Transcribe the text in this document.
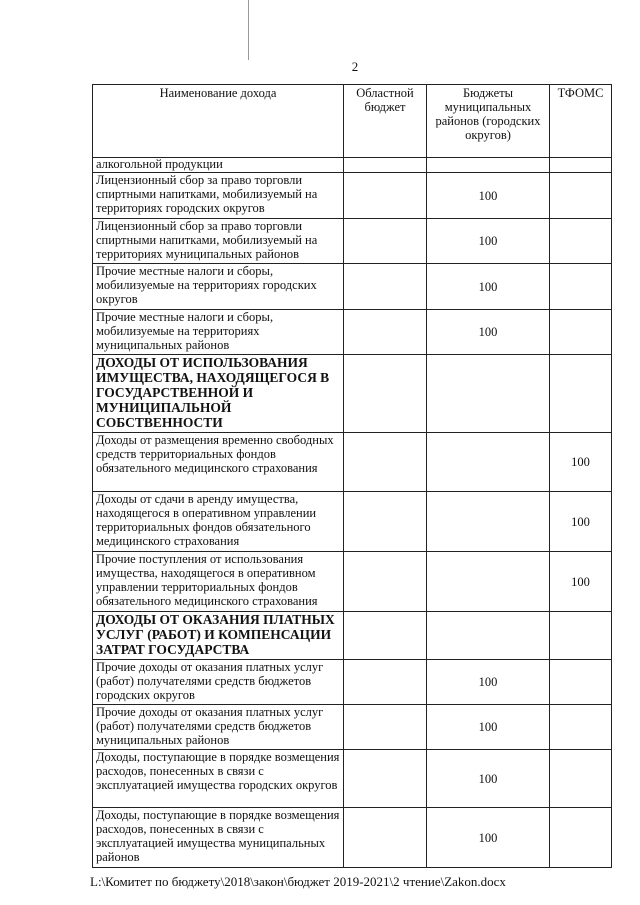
2
Наименование дохода	Областной бюджет	Бюджеты муниципальных районов (городских округов)	ТФОМС
алкогольной продукции			
Лицензионный сбор за право торговли спиртными напитками, мобилизуемый на территориях городских округов		100	
Лицензионный сбор за право торговли спиртными напитками, мобилизуемый на территориях муниципальных районов		100	
Прочие местные налоги и сборы, мобилизуемые на территориях городских округов		100	
Прочие местные налоги и сборы, мобилизуемые на территориях муниципальных районов		100	
ДОХОДЫ ОТ ИСПОЛЬЗОВАНИЯ ИМУЩЕСТВА, НАХОДЯЩЕГОСЯ В ГОСУДАРСТВЕННОЙ И МУНИЦИПАЛЬНОЙ СОБСТВЕННОСТИ			
Доходы от размещения временно свободных средств территориальных фондов обязательного медицинского страхования			100
Доходы от сдачи в аренду имущества, находящегося в оперативном управлении территориальных фондов обязательного медицинского страхования			100
Прочие поступления от использования имущества, находящегося в оперативном управлении территориальных фондов обязательного медицинского страхования			100
ДОХОДЫ ОТ ОКАЗАНИЯ ПЛАТНЫХ УСЛУГ (РАБОТ) И КОМПЕНСАЦИИ ЗАТРАТ ГОСУДАРСТВА			
Прочие доходы от оказания платных услуг (работ) получателями средств бюджетов городских округов		100	
Прочие доходы от оказания платных услуг (работ) получателями средств бюджетов муниципальных районов		100	
Доходы, поступающие в порядке возмещения расходов, понесенных в связи с эксплуатацией имущества городских округов		100	
Доходы, поступающие в порядке возмещения расходов, понесенных в связи с эксплуатацией имущества муниципальных районов		100	
L:\Комитет по бюджету\2018\закон\бюджет 2019-2021\2 чтение\Zakon.docx
